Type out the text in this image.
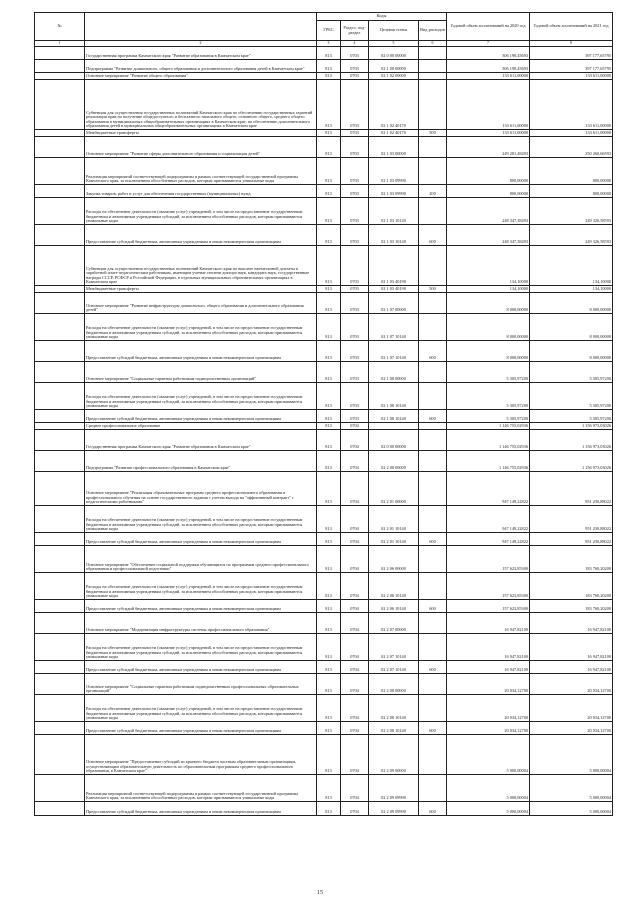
№		Коды				Годовой объем ассигнований на 2020 год	Годовой объем ассигнований на 2021 год
		ГРБС	Раздел, под-раздел	Целевая статья	Вид расходов		
1	2	3	4	5	6	7	8
	Государственная программа Камчатского края "Развитие образования в Камчатском крае"	813	0703	02 0 00 00000		306 198,45693	397 177,65795
	Подпрограмма "Развитие дошкольного, общего образования и дополнительного образования детей в Камчатском крае"	813	0703	02 1 00 00000		306 198,45693	397 177,65795
	Основное мероприятие "Развитие общего образования"	813	0703	02 1 02 00000		133 611,00000	133 611,00000
	Субвенции для осуществления государственных полномочий Камчатского края по обеспечению государственных гарантий реализации прав на получение общедоступного и бесплатного начального общего, основного общего, среднего общего образования в муниципальных общеобразовательных организациях в Камчатском крае, по обеспечению дополнительного образования детей в муниципальных общеобразовательных организациях в Камчатском крае	813	0703	02 1 02 40170		133 611,00000	133 611,00000
	Межбюджетные трансферты	813	0703	02 1 02 40170	500	133 611,00000	133 611,00000
	Основное мероприятие "Развитие сферы дополнительного образования и социализации детей"	813	0703	02 1 03 00000		249 281,48493	250 260,66593
	Реализация мероприятий соответствующей подпрограммы в рамках соответствующей государственной программы Камчатского края, за исключением обособленных расходов, которым присваиваются уникальные коды	813	0703	02 1 03 09990		800,00000	800,00000
	Закупка товаров, работ и услуг для обеспечения государственных (муниципальных) нужд	813	0703	02 1 03 09990	200	800,00000	800,00000
	Расходы на обеспечение деятельности (оказание услуг) учреждений, в том числе на предоставление государственным бюджетным и автономным учреждениям субсидий, за исключением обособленных расходов, которым присваиваются уникальные коды	813	0703	02 1 03 10140		248 347,38493	249 326,58593
	Предоставление субсидий бюджетным, автономным учреждениям и иным некоммерческим организациям	813	0703	02 1 03 10140	600	248 347,38493	249 326,58593
	Субвенции для осуществления государственных полномочий Камчатского края по выплате ежемесячной доплаты к заработной плате педагогическим работникам, имеющим ученые степени доктора наук, кандидата наук, государственные награды СССР, РСФСР и Российской Федерации, в отдельных муниципальных образовательных организациях в Камчатском крае	813	0703	02 1 03 40190		134,10000	134,10000
	Межбюджетные трансферты	813	0703	02 1 03 40190	500	134,10000	134,10000
	Основное мероприятие "Развитие инфраструктуры дошкольного, общего образования и дополнительного образования детей"	813	0703	02 1 07 00000		8 000,00000	8 000,00000
	Расходы на обеспечение деятельности (оказание услуг) учреждений, в том числе на предоставление государственным бюджетным и автономным учреждениям субсидий, за исключением обособленных расходов, которым присваиваются уникальные коды	813	0703	02 1 07 10140		8 000,00000	8 000,00000
	Предоставление субсидий бюджетным, автономным учреждениям и иным некоммерческим организациям	813	0703	02 1 07 10140	600	8 000,00000	8 000,00000
	Основное мероприятие "Социальные гарантии работникам подведомственных организаций"	813	0703	02 1 08 00000		5 305,97200	5 305,97200
	Расходы на обеспечение деятельности (оказание услуг) учреждений, в том числе на предоставление государственным бюджетным и автономным учреждениям субсидий, за исключением обособленных расходов, которым присваиваются уникальные коды	813	0703	02 1 08 10140		5 305,97200	5 305,97200
	Предоставление субсидий бюджетным, автономным учреждениям и иным некоммерческим организациям	813	0703	02 1 08 10140	600	5 305,97200	5 305,97200
	Среднее профессиональное образование	813	0704			1 146 755,02936	1 156 973,03026
	Государственная программа Камчатского края "Развитие образования в Камчатском крае"	813	0704	02 0 00 00000		1 146 755,02936	1 156 973,03026
	Подпрограмма "Развитие профессионального образования в Камчатском крае"	813	0704	02 2 00 00000		1 146 755,02936	1 156 973,03026
	Основное мероприятие "Реализация образовательных программ среднего профессионального образования и профессионального обучения на основе государственного задания с учетом выхода на "эффективный контракт" с педагогическими работниками"	813	0704	02 2 01 00000		947 149,22822	951 230,88022
	Расходы на обеспечение деятельности (оказание услуг) учреждений, в том числе на предоставление государственным бюджетным и автономным учреждениям субсидий, за исключением обособленных расходов, которым присваиваются уникальные коды	813	0704	02 2 01 10140		947 149,22822	951 230,88022
	Предоставление субсидий бюджетным, автономным учреждениям и иным некоммерческим организациям	813	0704	02 2 01 10140	600	947 149,22822	951 230,88022
	Основное мероприятие "Обеспечение социальной поддержки обучающихся по программам среднего профессионального образования и профессиональной подготовки"	813	0704	02 2 06 00000		157 623,85300	183 760,20200
	Расходы на обеспечение деятельности (оказание услуг) учреждений, в том числе на предоставление государственным бюджетным и автономным учреждениям субсидий, за исключением обособленных расходов, которым присваиваются уникальные коды	813	0704	02 2 06 10140		157 623,85300	183 760,20200
	Предоставление субсидий бюджетным, автономным учреждениям и иным некоммерческим организациям	813	0704	02 2 06 10140	600	157 623,85300	183 760,20200
	Основное мероприятие "Модернизация инфраструктуры системы профессионального образования"	813	0704	02 2 07 00000		16 947,82100	16 947,82100
	Расходы на обеспечение деятельности (оказание услуг) учреждений, в том числе на предоставление государственным бюджетным и автономным учреждениям субсидий, за исключением обособленных расходов, которым присваиваются уникальные коды	813	0704	02 2 07 10140		16 947,82100	16 947,82100
	Предоставление субсидий бюджетным, автономным учреждениям и иным некоммерческим организациям	813	0704	02 2 07 10140	600	16 947,82100	16 947,82100
	Основное мероприятие "Социальные гарантии работникам подведомственных профессиональных образовательных организаций"	813	0704	02 2 08 00000		20 034,12700	20 034,12700
	Расходы на обеспечение деятельности (оказание услуг) учреждений, в том числе на предоставление государственным бюджетным и автономным учреждениям субсидий, за исключением обособленных расходов, которым присваиваются уникальные коды	813	0704	02 2 08 10140		20 034,12700	20 034,12700
	Предоставление субсидий бюджетным, автономным учреждениям и иным некоммерческим организациям	813	0704	02 2 08 10140	600	20 034,12700	20 034,12700
	Основное мероприятие "Предоставление субсидий из краевого бюджета частным образовательным организациям, осуществляющим образовательную деятельность по образовательным программам среднего профессионального образования, в Камчатском крае"	813	0704	02 2 09 00000		5 000,00004	5 000,00004
	Реализация мероприятий соответствующей подпрограммы в рамках соответствующей государственной программы Камчатского края, за исключением обособленных расходов, которым присваиваются уникальные коды	813	0704	02 2 09 09990		5 000,00004	5 000,00004
	Предоставление субсидий бюджетным, автономным учреждениям и иным некоммерческим организациям	813	0704	02 2 09 09990	600	5 000,00004	5 000,00004
15
